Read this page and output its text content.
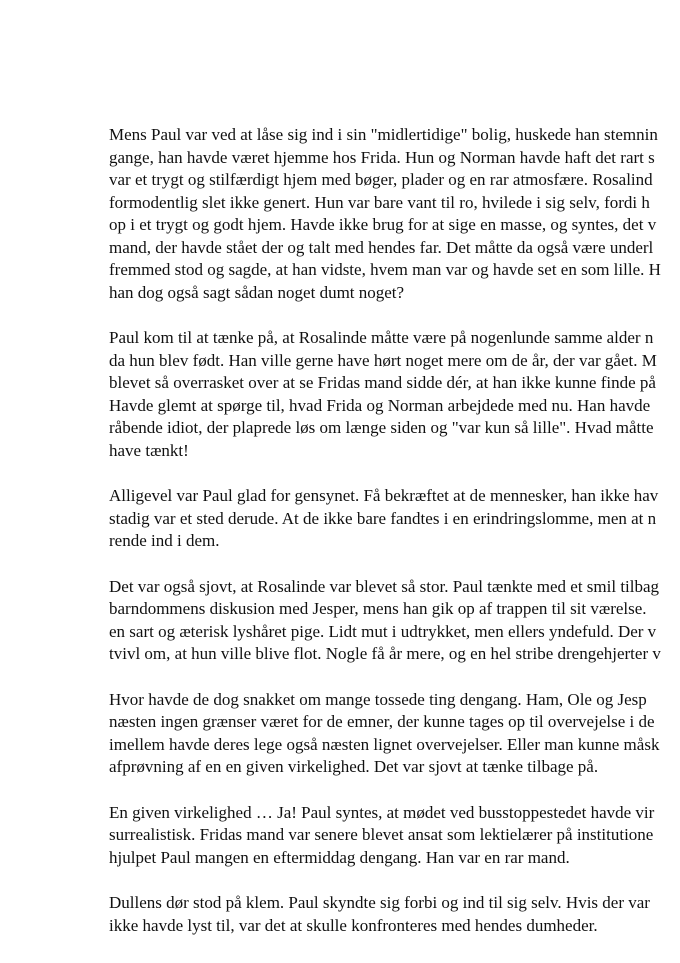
Mens Paul var ved at låse sig ind i sin "midlertidige" bolig, huskede han stemnin
gange, han havde været hjemme hos Frida. Hun og Norman havde haft det rart s
var et trygt og stilfærdigt hjem med bøger, plader og en rar atmosfære. Rosalind
formodentlig slet ikke genert. Hun var bare vant til ro, hvilede i sig selv, fordi h
op i et trygt og godt hjem. Havde ikke brug for at sige en masse, og syntes, det v
mand, der havde stået der og talt med hendes far. Det måtte da også være underl
fremmed stod og sagde, at han vidste, hvem man var og havde set en som lille. H
han dog også sagt sådan noget dumt noget?
Paul kom til at tænke på, at Rosalinde måtte være på nogenlunde samme alder n
da hun blev født. Han ville gerne have hørt noget mere om de år, der var gået. M
blevet så overrasket over at se Fridas mand sidde dér, at han ikke kunne finde på
Havde glemt at spørge til, hvad Frida og Norman arbejdede med nu. Han havde
råbende idiot, der plaprede løs om længe siden og "var kun så lille". Hvad måtte
have tænkt!
Alligevel var Paul glad for gensynet. Få bekræftet at de mennesker, han ikke hav
stadig var et sted derude. At de ikke bare fandtes i en erindringslomme, men at n
rende ind i dem.
Det var også sjovt, at Rosalinde var blevet så stor. Paul tænkte med et smil tilbag
barndommens diskusion med Jesper, mens han gik op af trappen til sit værelse.
en sart og æterisk lyshåret pige. Lidt mut i udtrykket, men ellers yndefuld. Der v
tvivl om, at hun ville blive flot. Nogle få år mere, og en hel stribe drengehjerter v
Hvor havde de dog snakket om mange tossede ting dengang. Ham, Ole og Jesp
næsten ingen grænser været for de emner, der kunne tages op til overvejelse i de
imellem havde deres lege også næsten lignet overvejelser. Eller man kunne måsk
afprøvning af en en given virkelighed. Det var sjovt at tænke tilbage på.
En given virkelighed … Ja! Paul syntes, at mødet ved busstoppestedet havde vir
surrealistisk. Fridas mand var senere blevet ansat som lektielærer på institutione
hjulpet Paul mangen en eftermiddag dengang. Han var en rar mand.
Dullens dør stod på klem. Paul skyndte sig forbi og ind til sig selv. Hvis der var
ikke havde lyst til, var det at skulle konfronteres med hendes dumheder.
